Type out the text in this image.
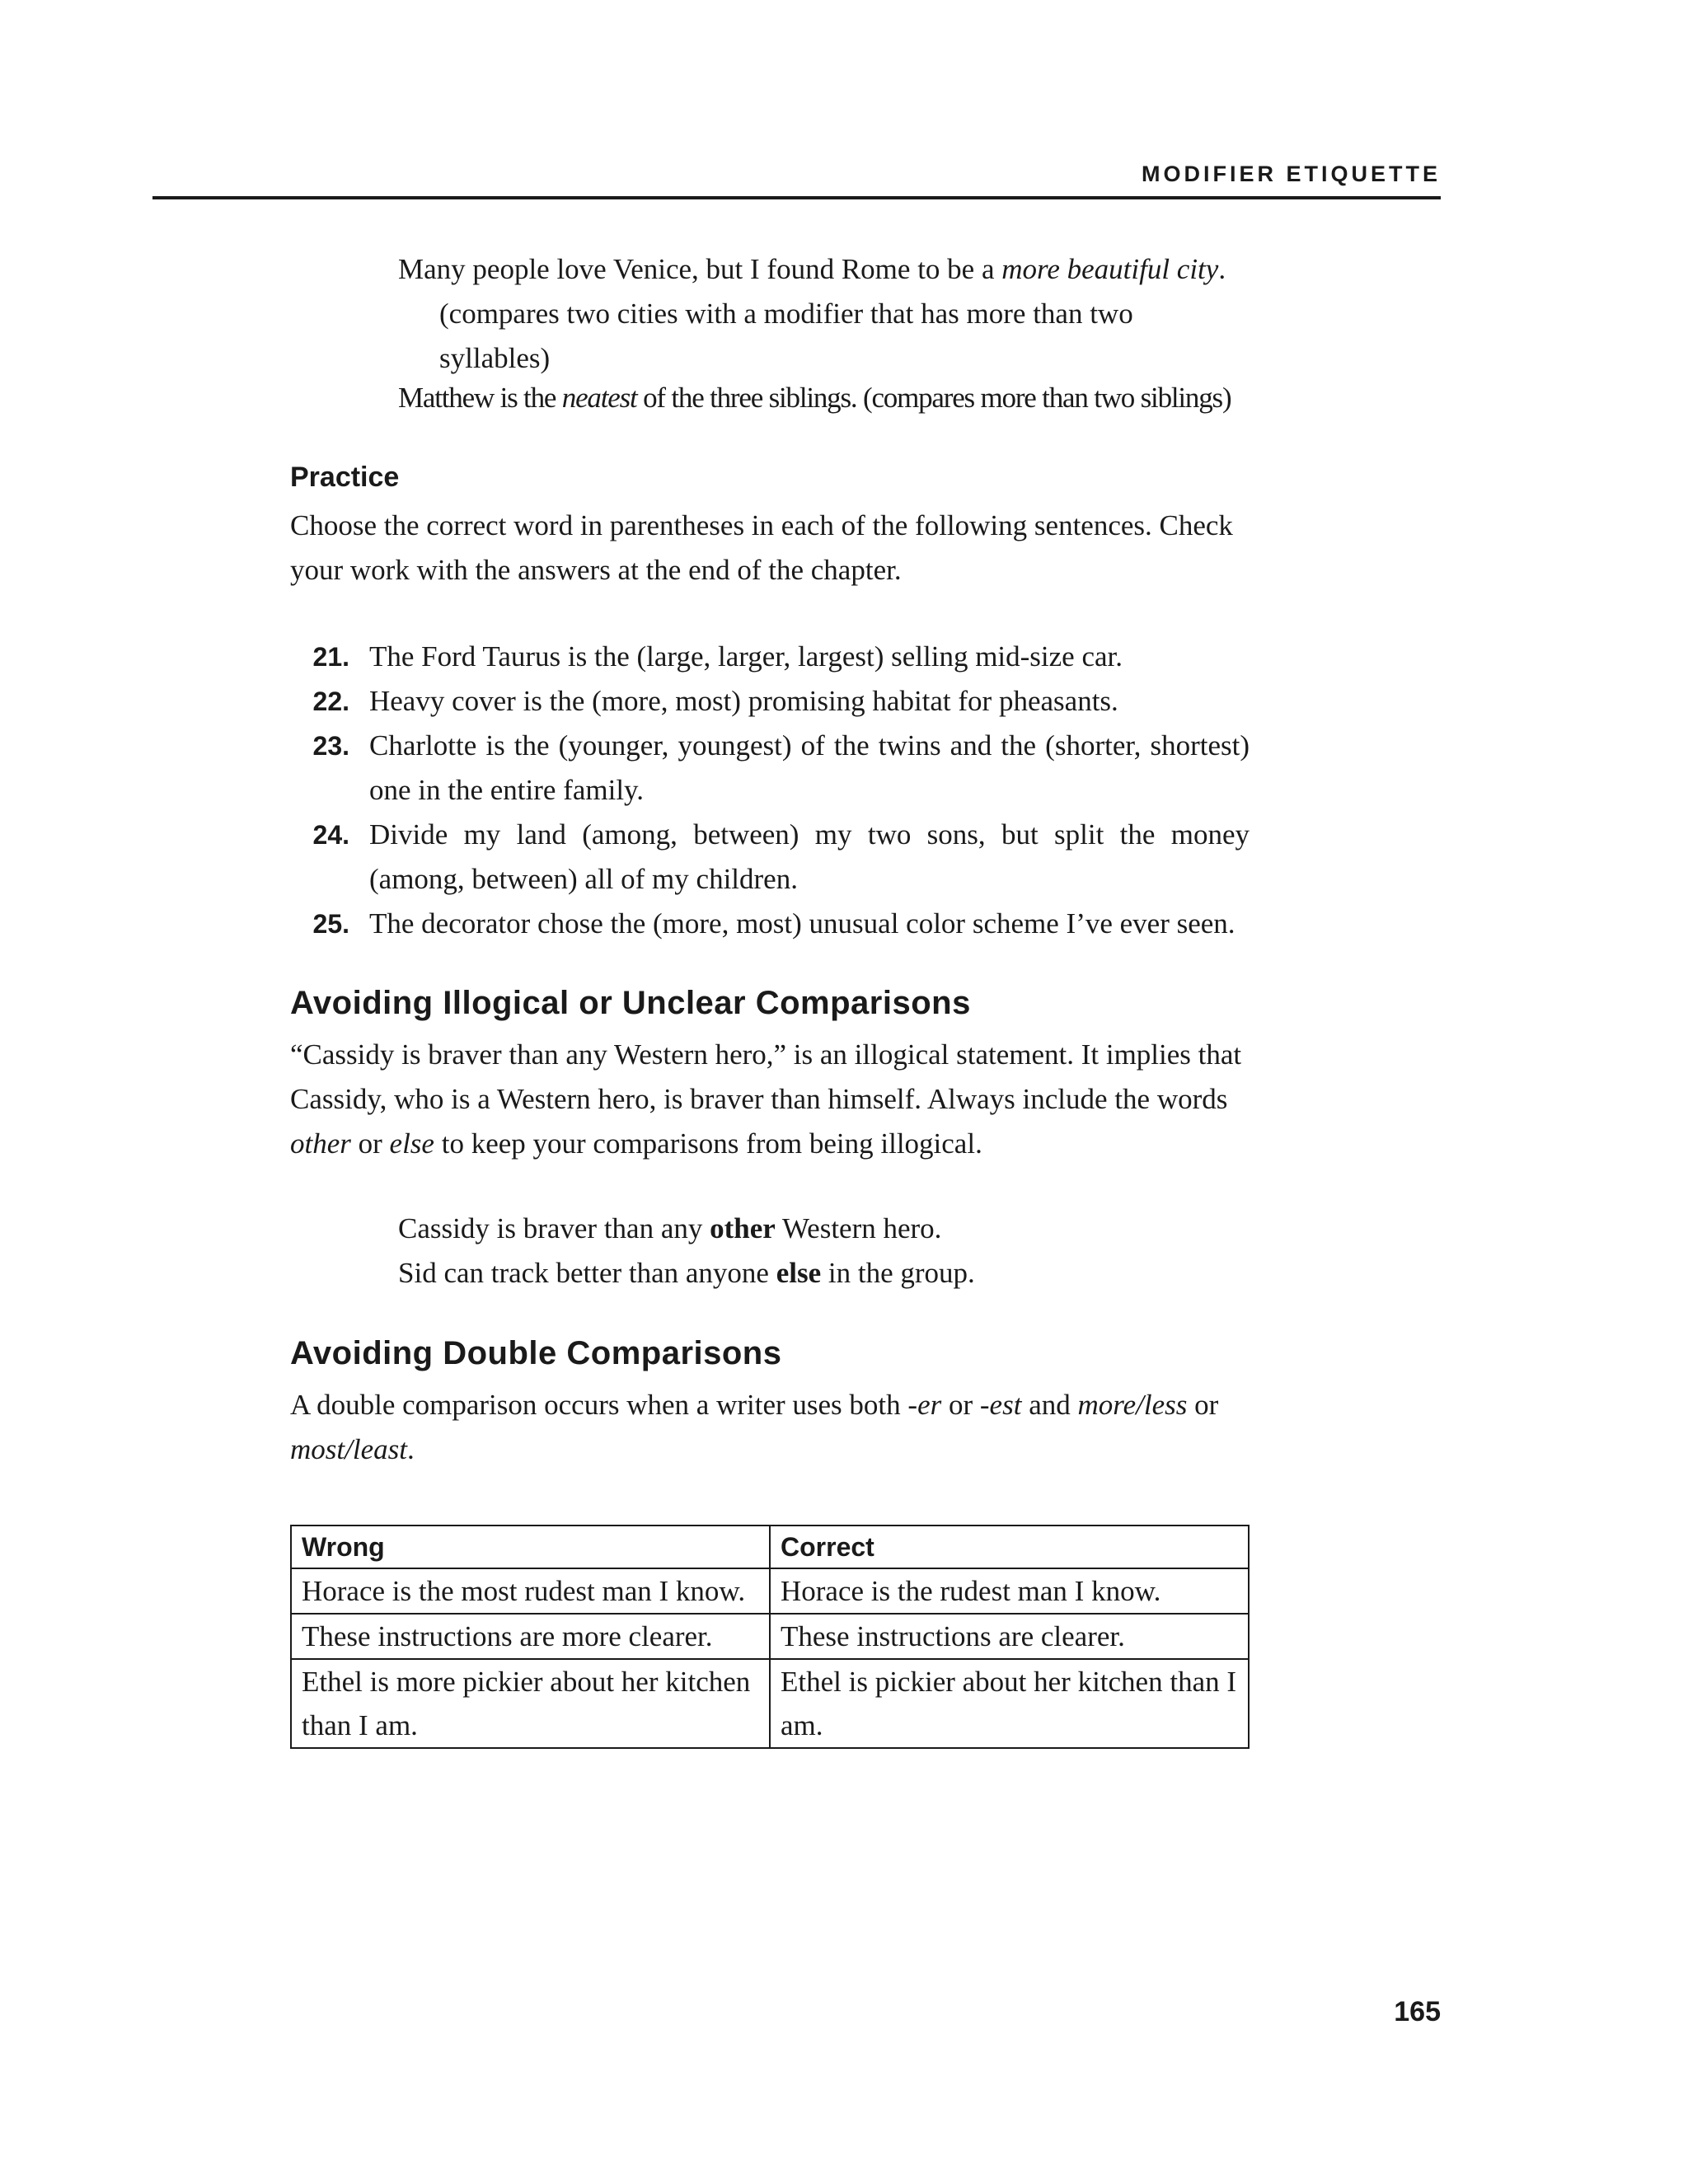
MODIFIER ETIQUETTE
Many people love Venice, but I found Rome to be a more beautiful city.
(compares two cities with a modifier that has more than two syllables)
Matthew is the neatest of the three siblings. (compares more than two siblings)
Practice
Choose the correct word in parentheses in each of the following sentences. Check your work with the answers at the end of the chapter.
21. The Ford Taurus is the (large, larger, largest) selling mid-size car.
22. Heavy cover is the (more, most) promising habitat for pheasants.
23. Charlotte is the (younger, youngest) of the twins and the (shorter, shortest) one in the entire family.
24. Divide my land (among, between) my two sons, but split the money (among, between) all of my children.
25. The decorator chose the (more, most) unusual color scheme I’ve ever seen.
Avoiding Illogical or Unclear Comparisons
“Cassidy is braver than any Western hero,” is an illogical statement. It implies that Cassidy, who is a Western hero, is braver than himself. Always include the words other or else to keep your comparisons from being illogical.
Cassidy is braver than any other Western hero.
Sid can track better than anyone else in the group.
Avoiding Double Comparisons
A double comparison occurs when a writer uses both -er or -est and more/less or most/least.
Wrong	Correct
Horace is the most rudest man I know.	Horace is the rudest man I know.
These instructions are more clearer.	These instructions are clearer.
Ethel is more pickier about her kitchen than I am.	Ethel is pickier about her kitchen than I am.
165
